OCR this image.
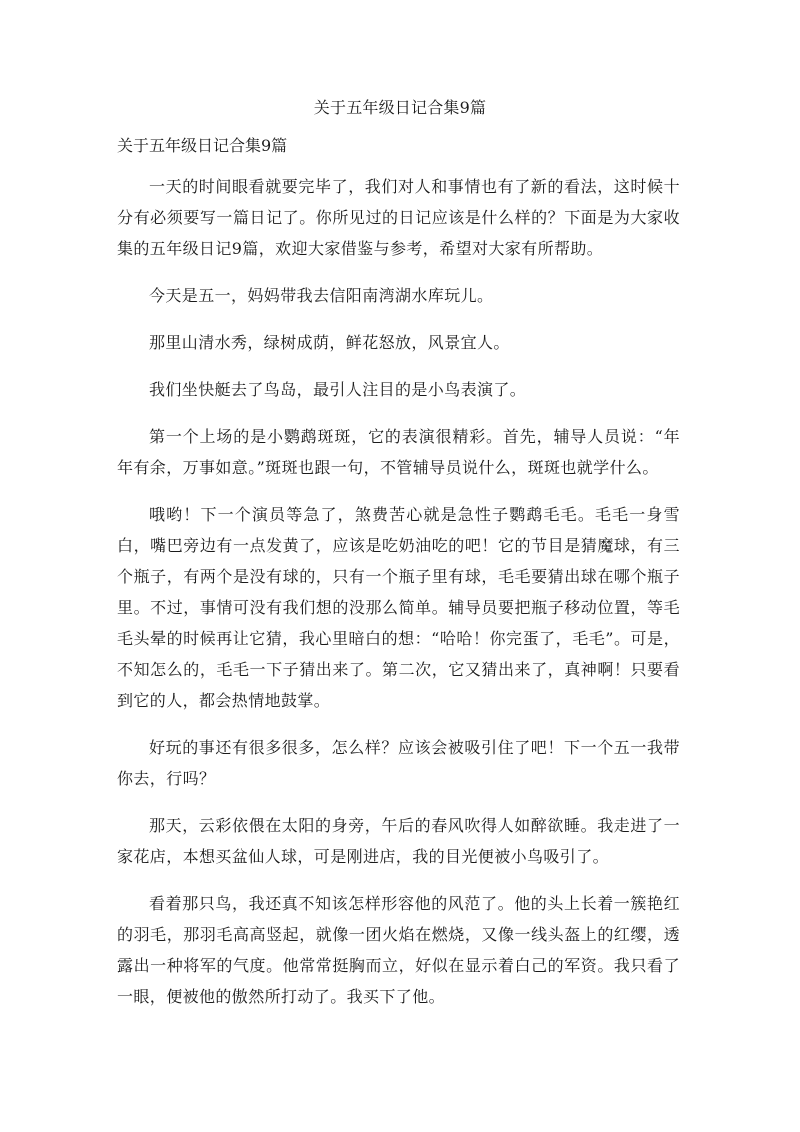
关于五年级日记合集9篇
关于五年级日记合集9篇

一天的时间眼看就要完毕了，我们对人和事情也有了新的看法，这时候十分有必须要写一篇日记了。你所见过的日记应该是什么样的？下面是为大家收集的五年级日记9篇，欢迎大家借鉴与参考，希望对大家有所帮助。

今天是五一，妈妈带我去信阳南湾湖水库玩儿。

那里山清水秀，绿树成荫，鲜花怒放，风景宜人。

我们坐快艇去了鸟岛，最引人注目的是小鸟表演了。

第一个上场的是小鹦鹉斑斑，它的表演很精彩。首先，辅导人员说：“年年有余，万事如意。”斑斑也跟一句，不管辅导员说什么，斑斑也就学什么。

哦哟！下一个演员等急了，煞费苦心就是急性子鹦鹉毛毛。毛毛一身雪白，嘴巴旁边有一点发黄了，应该是吃奶油吃的吧！它的节目是猜魔球，有三个瓶子，有两个是没有球的，只有一个瓶子里有球，毛毛要猜出球在哪个瓶子里。不过，事情可没有我们想的没那么简单。辅导员要把瓶子移动位置，等毛毛头晕的时候再让它猜，我心里暗白的想：“哈哈！你完蛋了，毛毛”。可是，不知怎么的，毛毛一下子猜出来了。第二次，它又猜出来了，真神啊！只要看到它的人，都会热情地鼓掌。

好玩的事还有很多很多，怎么样？应该会被吸引住了吧！下一个五一我带你去，行吗？

那天，云彩依偎在太阳的身旁，午后的春风吹得人如醉欲睡。我走进了一家花店，本想买盆仙人球，可是刚进店，我的目光便被小鸟吸引了。

看着那只鸟，我还真不知该怎样形容他的风范了。他的头上长着一簇艳红的羽毛，那羽毛高高竖起，就像一团火焰在燃烧，又像一线头盔上的红缨，透露出一种将军的气度。他常常挺胸而立，好似在显示着白己的军资。我只看了一眼，便被他的傲然所打动了。我买下了他。
